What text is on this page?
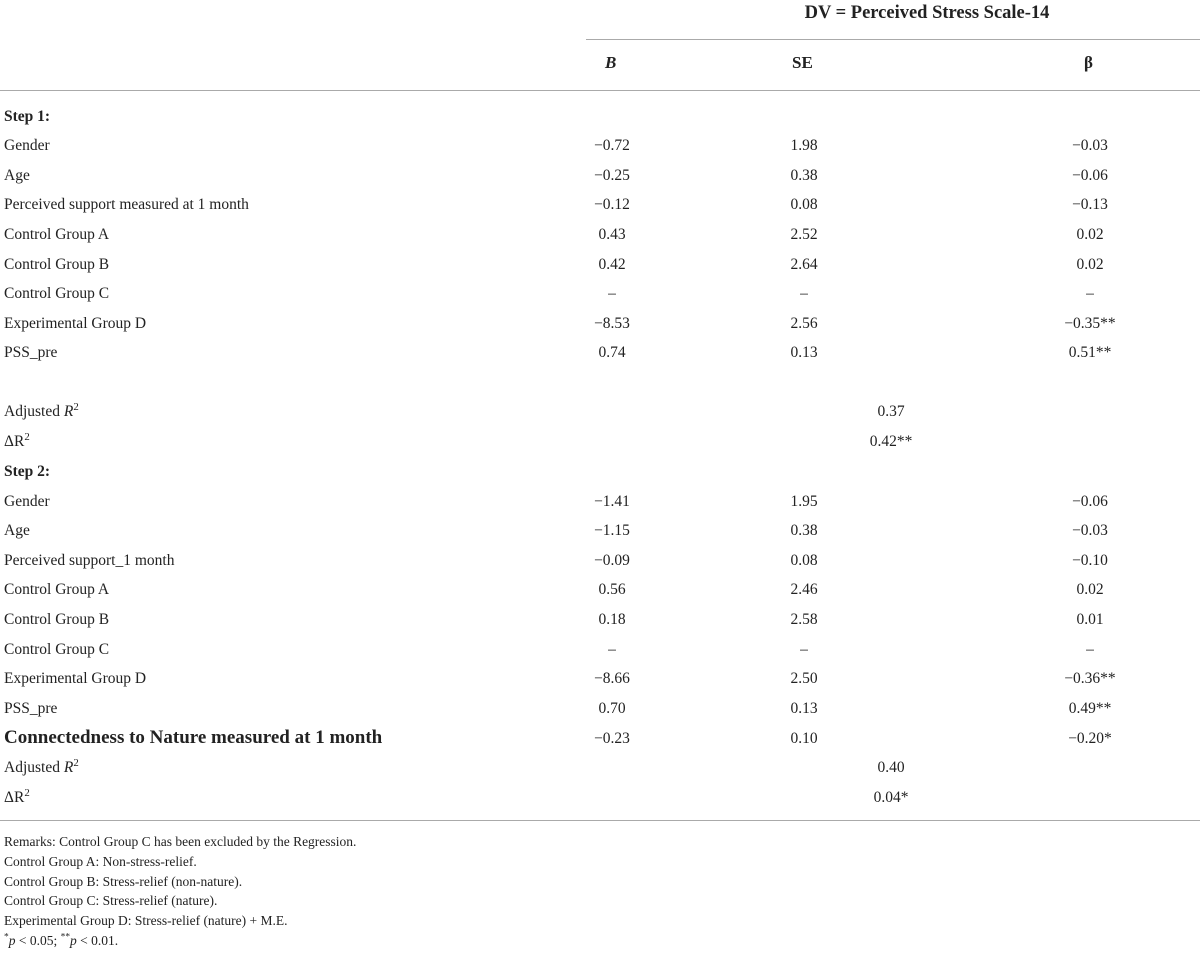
DV = Perceived Stress Scale-14
B	SE	β
Step 1:
Gender	−0.72	1.98	−0.03
Age	−0.25	0.38	−0.06
Perceived support measured at 1 month	−0.12	0.08	−0.13
Control Group A	0.43	2.52	0.02
Control Group B	0.42	2.64	0.02
Control Group C	–	–	–
Experimental Group D	−8.53	2.56	−0.35**
PSS_pre	0.74	0.13	0.51**
Adjusted $R^2$	0.37
$\Delta R^2$	0.42**
Step 2:
Gender	−1.41	1.95	−0.06
Age	−1.15	0.38	−0.03
Perceived support_1 month	−0.09	0.08	−0.10
Control Group A	0.56	2.46	0.02
Control Group B	0.18	2.58	0.01
Control Group C	–	–	–
Experimental Group D	−8.66	2.50	−0.36**
PSS_pre	0.70	0.13	0.49**
Connectedness to Nature measured at 1 month	−0.23	0.10	−0.20*
Adjusted $R^2$	0.40
$\Delta R^2$	0.04*
Remarks: Control Group C has been excluded by the Regression.
Control Group A: Non-stress-relief.
Control Group B: Stress-relief (non-nature).
Control Group C: Stress-relief (nature).
Experimental Group D: Stress-relief (nature) + M.E.
*p < 0.05; **p < 0.01.
